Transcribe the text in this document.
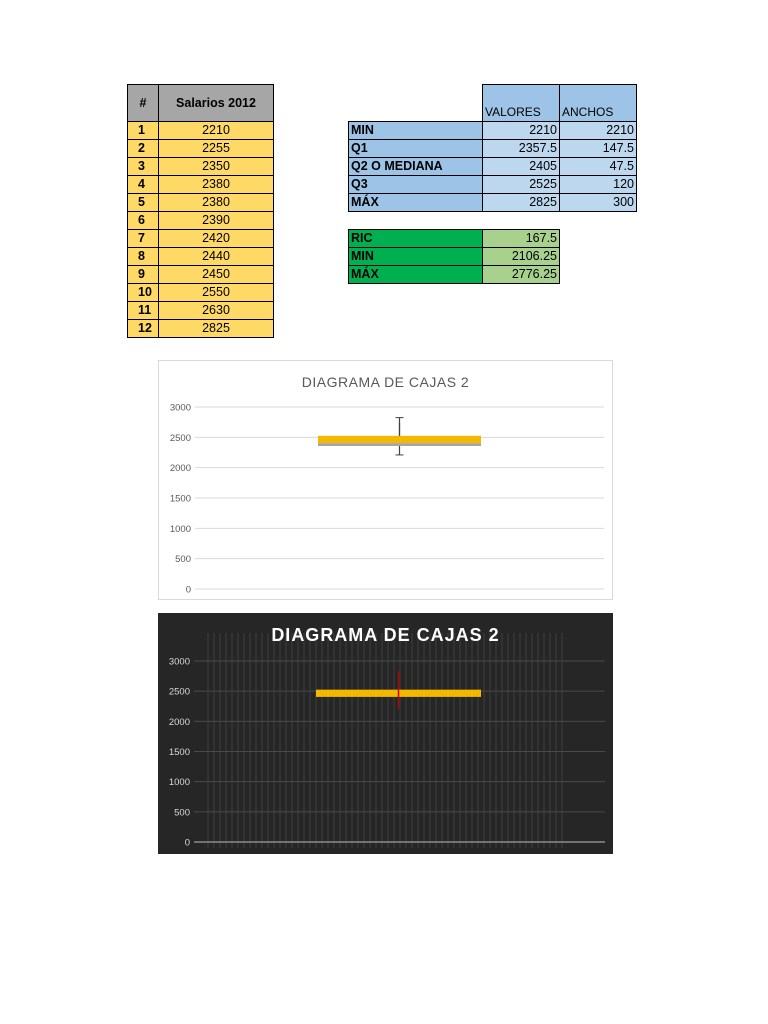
#	Salarios 2012
1	2210
2	2255
3	2350
4	2380
5	2380
6	2390
7	2420
8	2440
9	2450
10	2550
11	2630
12	2825
	VALORES	ANCHOS
MIN	2210	2210
Q1	2357.5	147.5
Q2 O MEDIANA	2405	47.5
Q3	2525	120
MÁX	2825	300
RIC	167.5
MIN	2106.25
MÁX	2776.25
DIAGRAMA DE CAJAS 2
3000
2500
2000
1500
1000
500
0
DIAGRAMA DE CAJAS 2
3000
2500
2000
1500
1000
500
0
